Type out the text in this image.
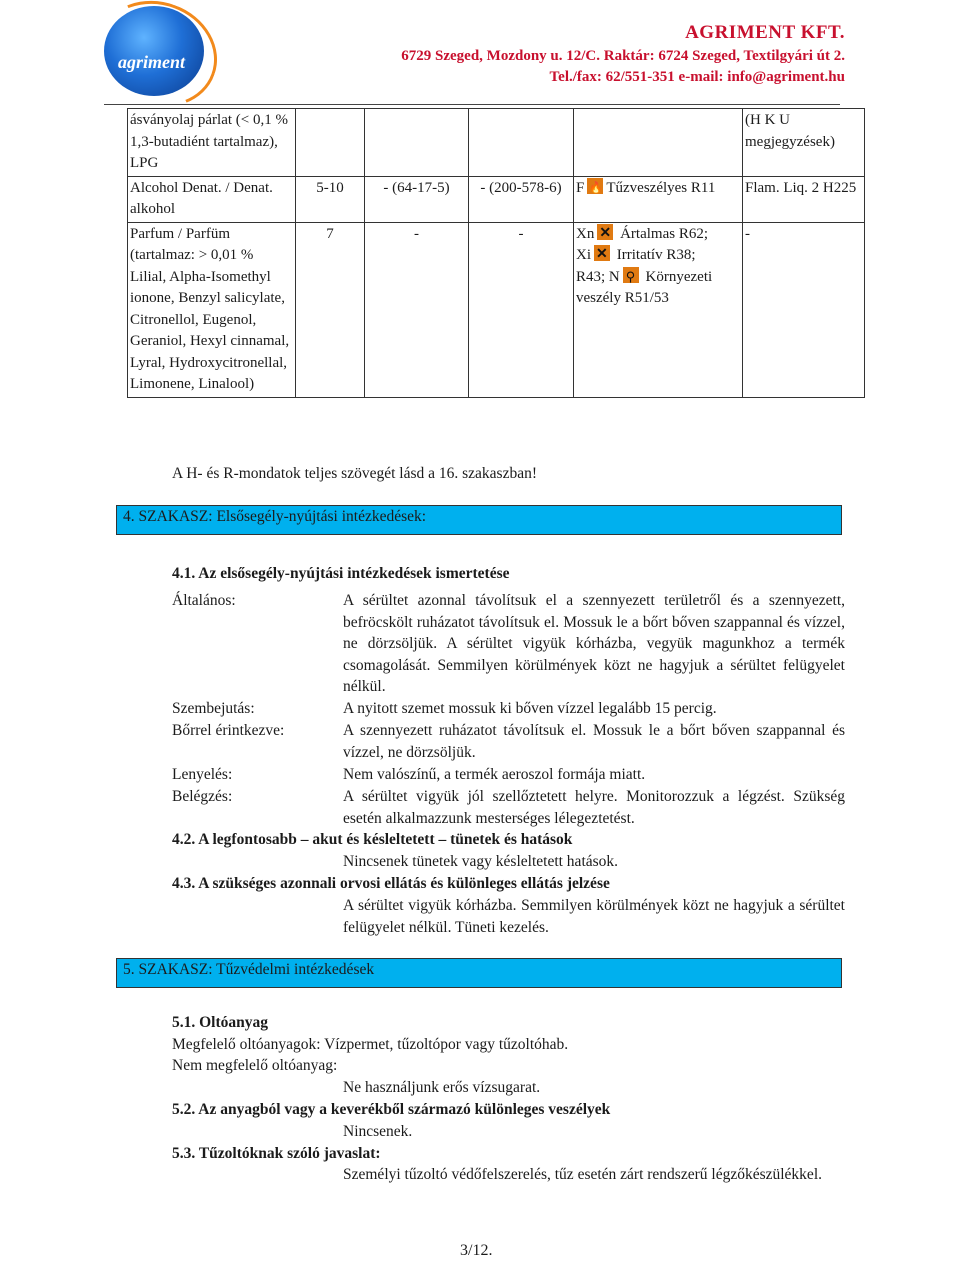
agriment
AGRIMENT KFT.
6729 Szeged, Mozdony u. 12/C. Raktár: 6724 Szeged, Textilgyári út 2.
Tel./fax: 62/551-351 e-mail: info@agriment.hu
ásványolaj párlat (< 0,1 % 1,3-butadiént tartalmaz), LPG					(H K U megjegyzések)
Alcohol Denat. / Denat. alkohol	5-10	- (64-17-5)	- (200-578-6)	F 🔥 Tűzveszélyes R11	Flam. Liq. 2 H225
Parfum / Parfüm (tartalmaz: > 0,01 % Lilial, Alpha-Isomethyl ionone, Benzyl salicylate, Citronellol, Eugenol, Geraniol, Hexyl cinnamal, Lyral, Hydroxycitronellal, Limonene, Linalool)	7	-	-	Xn ✕ Ártalmas R62;
Xi ✕ Irritatív R38;
R43; N ⚲ Környezeti veszély R51/53	-
A H- és R-mondatok teljes szövegét lásd a 16. szakaszban!
4. SZAKASZ: Elsősegély-nyújtási intézkedések:
4.1. Az elsősegély-nyújtási intézkedések ismertetése
Általános:	A sérültet azonnal távolítsuk el a szennyezett területről és a szennyezett, befröcskölt ruházatot távolítsuk el. Mossuk le a bőrt bőven szappannal és vízzel, ne dörzsöljük. A sérültet vigyük kórházba, vegyük magunkhoz a termék csomagolását. Semmilyen körülmények közt ne hagyjuk a sérültet felügyelet nélkül.
Szembejutás:	A nyitott szemet mossuk ki bőven vízzel legalább 15 percig.
Bőrrel érintkezve:	A szennyezett ruházatot távolítsuk el. Mossuk le a bőrt bőven szappannal és vízzel, ne dörzsöljük.
Lenyelés:	Nem valószínű, a termék aeroszol formája miatt.
Belégzés:	A sérültet vigyük jól szellőztetett helyre. Monitorozzuk a légzést. Szükség esetén alkalmazzunk mesterséges lélegeztetést.
4.2. A legfontosabb – akut és késleltetett – tünetek és hatások
Nincsenek tünetek vagy késleltetett hatások.
4.3. A szükséges azonnali orvosi ellátás és különleges ellátás jelzése
A sérültet vigyük kórházba. Semmilyen körülmények közt ne hagyjuk a sérültet felügyelet nélkül. Tüneti kezelés.
5. SZAKASZ: Tűzvédelmi intézkedések
5.1. Oltóanyag
Megfelelő oltóanyagok: Vízpermet, tűzoltópor vagy tűzoltóhab.
Nem megfelelő oltóanyag:
Ne használjunk erős vízsugarat.
5.2. Az anyagból vagy a keverékből származó különleges veszélyek
Nincsenek.
5.3. Tűzoltóknak szóló javaslat:
Személyi tűzoltó védőfelszerelés, tűz esetén zárt rendszerű légzőkészülékkel.
3/12.
